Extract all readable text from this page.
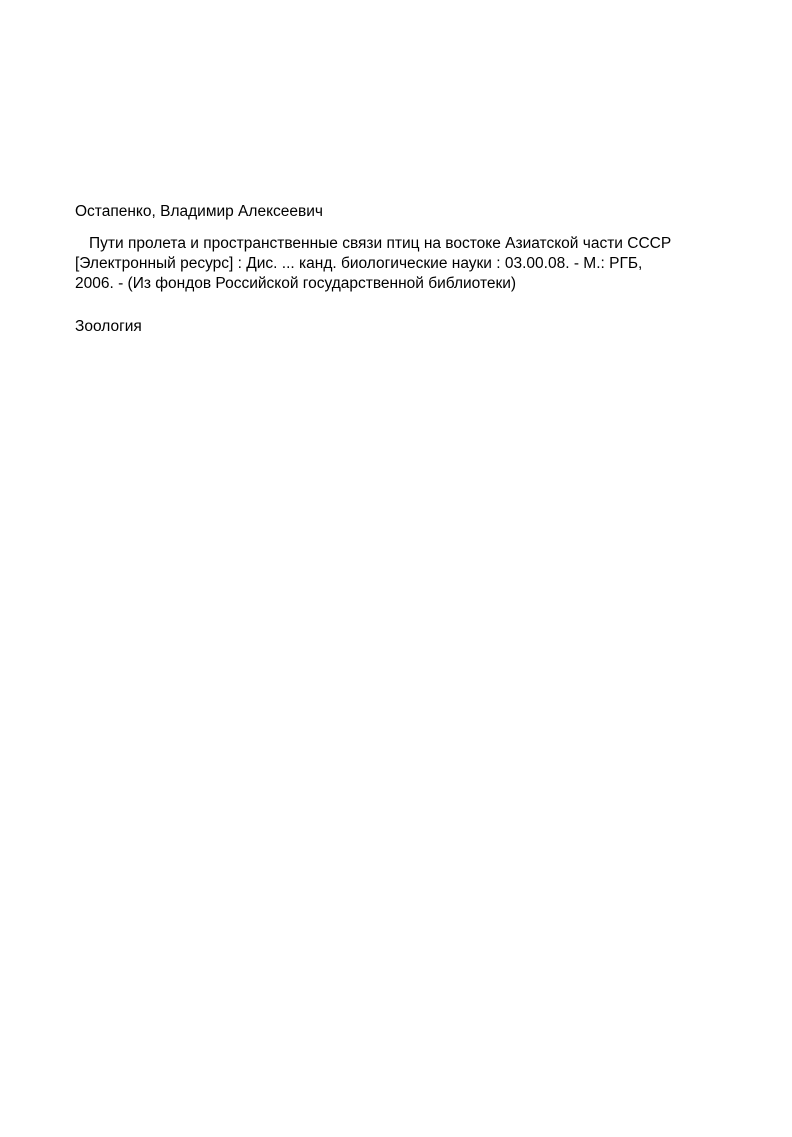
Остапенко, Владимир Алексеевич
Пути пролета и пространственные связи птиц на востоке Азиатской части СССР
[Электронный ресурс] : Дис. ... канд. биологические науки : 03.00.08. - М.: РГБ,
2006. - (Из фондов Российской государственной библиотеки)
Зоология
